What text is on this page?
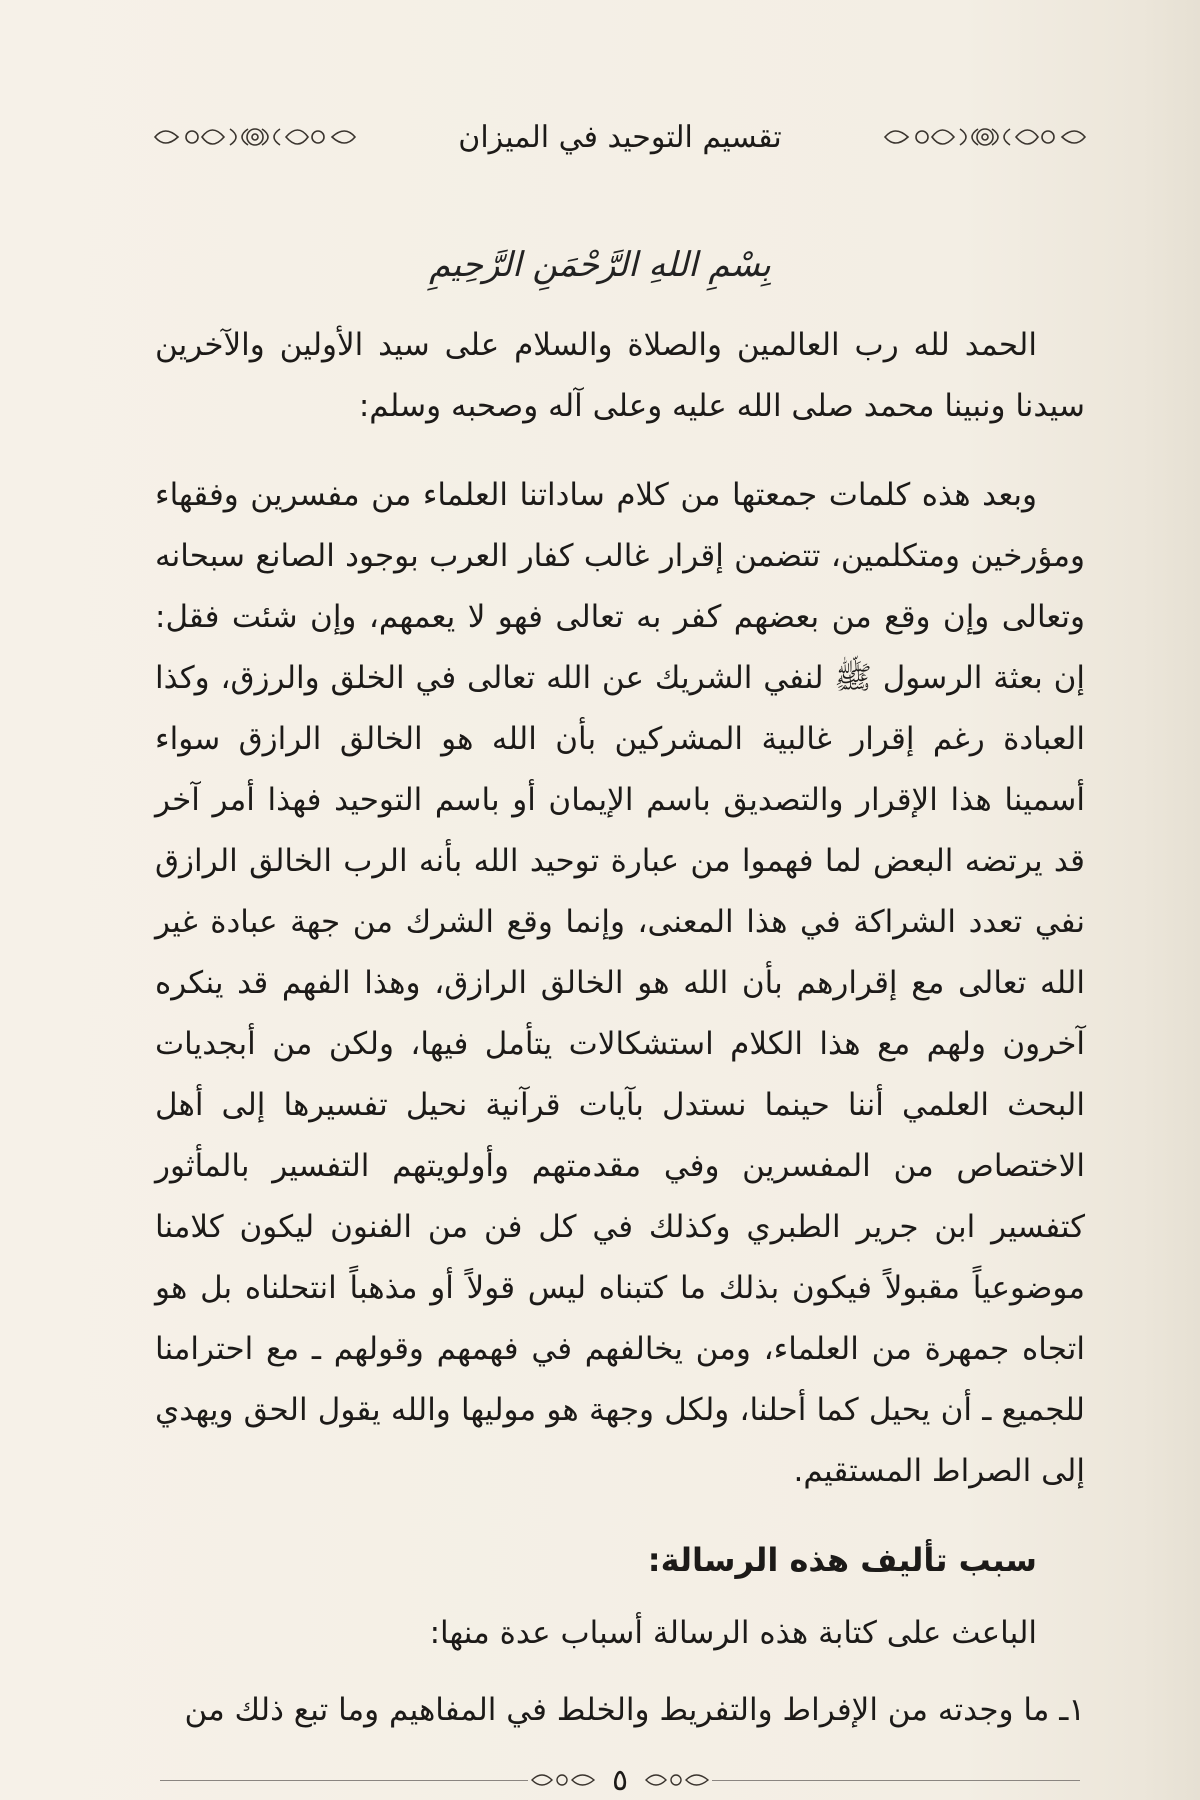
تقسيم التوحيد في الميزان
بِسْمِ اللهِ الرَّحْمَنِ الرَّحِيمِ

الحمد لله رب العالمين والصلاة والسلام على سيد الأولين والآخرين سيدنا ونبينا محمد صلى الله عليه وعلى آله وصحبه وسلم:

وبعد هذه كلمات جمعتها من كلام ساداتنا العلماء من مفسرين وفقهاء ومؤرخين ومتكلمين، تتضمن إقرار غالب كفار العرب بوجود الصانع سبحانه وتعالى وإن وقع من بعضهم كفر به تعالى فهو لا يعمهم، وإن شئت فقل: إن بعثة الرسول ﷺ لنفي الشريك عن الله تعالى في الخلق والرزق، وكذا العبادة رغم إقرار غالبية المشركين بأن الله هو الخالق الرازق سواء أسمينا هذا الإقرار والتصديق باسم الإيمان أو باسم التوحيد فهذا أمر آخر قد يرتضه البعض لما فهموا من عبارة توحيد الله بأنه الرب الخالق الرازق نفي تعدد الشراكة في هذا المعنى، وإنما وقع الشرك من جهة عبادة غير الله تعالى مع إقرارهم بأن الله هو الخالق الرازق، وهذا الفهم قد ينكره آخرون ولهم مع هذا الكلام استشكالات يتأمل فيها، ولكن من أبجديات البحث العلمي أننا حينما نستدل بآيات قرآنية نحيل تفسيرها إلى أهل الاختصاص من المفسرين وفي مقدمتهم وأولويتهم التفسير بالمأثور كتفسير ابن جرير الطبري وكذلك في كل فن من الفنون ليكون كلامنا موضوعياً مقبولاً فيكون بذلك ما كتبناه ليس قولاً أو مذهباً انتحلناه بل هو اتجاه جمهرة من العلماء، ومن يخالفهم في فهمهم وقولهم ـ مع احترامنا للجميع ـ أن يحيل كما أحلنا، ولكل وجهة هو موليها والله يقول الحق ويهدي إلى الصراط المستقيم.

سبب تأليف هذه الرسالة:

الباعث على كتابة هذه الرسالة أسباب عدة منها:

١ـ ما وجدته من الإفراط والتفريط والخلط في المفاهيم وما تبع ذلك من

٥
